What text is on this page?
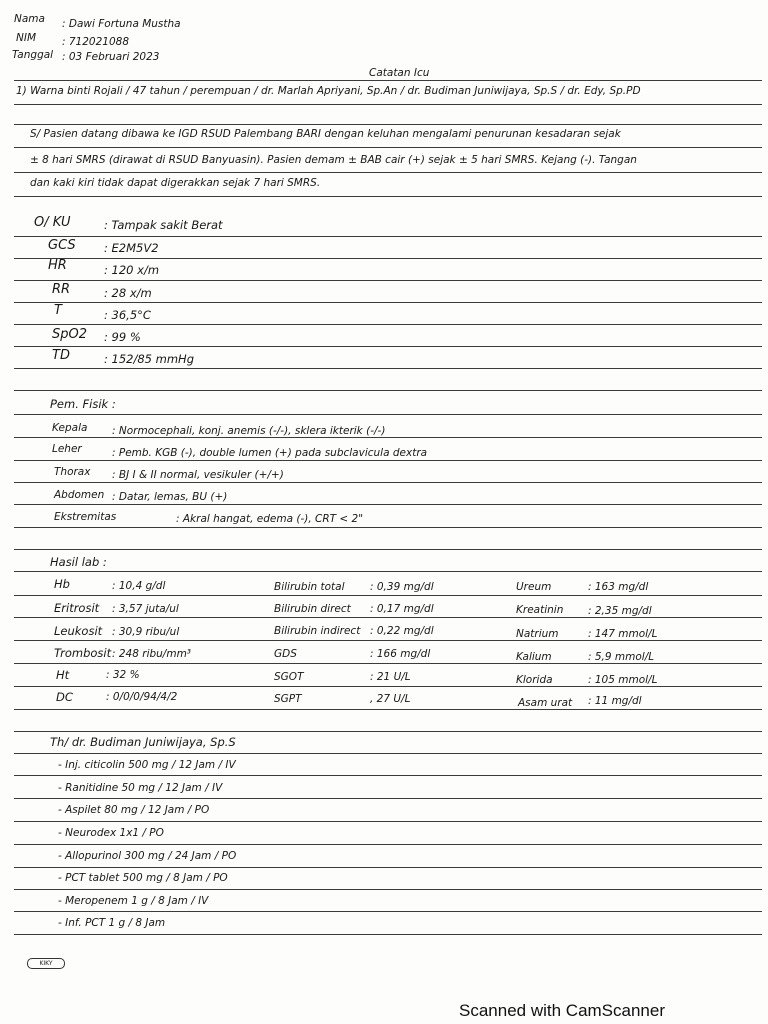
Nama : Dawi Fortuna Mustha
NIM : 712021088
Tanggal : 03 Februari 2023
Catatan Icu
1) Warna binti Rojali / 47 tahun / perempuan / dr. Marlah Apriyani, Sp.An / dr. Budiman Juniwijaya, Sp.S / dr. Edy, Sp.PD
S/ Pasien datang dibawa ke IGD RSUD Palembang BARI dengan keluhan mengalami penurunan kesadaran sejak
± 8 hari SMRS (dirawat di RSUD Banyuasin). Pasien demam ± BAB cair (+) sejak ± 5 hari SMRS. Kejang (-). Tangan
dan kaki kiri tidak dapat digerakkan sejak 7 hari SMRS.
O/ KU	: Tampak sakit Berat
GCS : E2M5V2
HR	: 120 x/m
RR	: 28 x/m
T	: 36,5°C
SpO2 : 99 %
TD	: 152/85 mmHg
Pem. Fisik :
Kepala : Normocephali, konj. anemis (-/-), sklera ikterik (-/-)
Leher	: Pemb. KGB (-), double lumen (+) pada subclavicula dextra
Thorax : BJ I & II normal, vesikuler (+/+)
Abdomen : Datar, lemas, BU (+)
Ekstremitas	: Akral hangat, edema (-), CRT < 2"
Hasil lab :
Hb	: 10,4 g/dl	Bilirubin total : 0,39 mg/dl	Ureum	: 163 mg/dl
Eritrosit : 3,57 juta/ul	Bilirubin direct : 0,17 mg/dl	Kreatinin : 2,35 mg/dl
Leukosit : 30,9 ribu/ul	Bilirubin indirect : 0,22 mg/dl	Natrium	: 147 mmol/L
Trombosit : 248 ribu/mm³	GDS	: 166 mg/dl	Kalium	: 5,9 mmol/L
Ht	: 32 %	SGOT	: 21 U/L	Klorida	: 105 mmol/L
DC	: 0/0/0/94/4/2	SGPT	, 27 U/L	Asam urat : 11 mg/dl
Th/ dr. Budiman Juniwijaya, Sp.S
- Inj. citicolin 500 mg / 12 Jam / IV
- Ranitidine 50 mg / 12 Jam / IV
- Aspilet 80 mg / 12 Jam / PO
- Neurodex 1x1 / PO
- Allopurinol 300 mg / 24 Jam / PO
- PCT tablet 500 mg / 8 Jam / PO
- Meropenem 1 g / 8 Jam / IV
- Inf. PCT 1 g / 8 Jam
KIKY
Scanned with CamScanner
